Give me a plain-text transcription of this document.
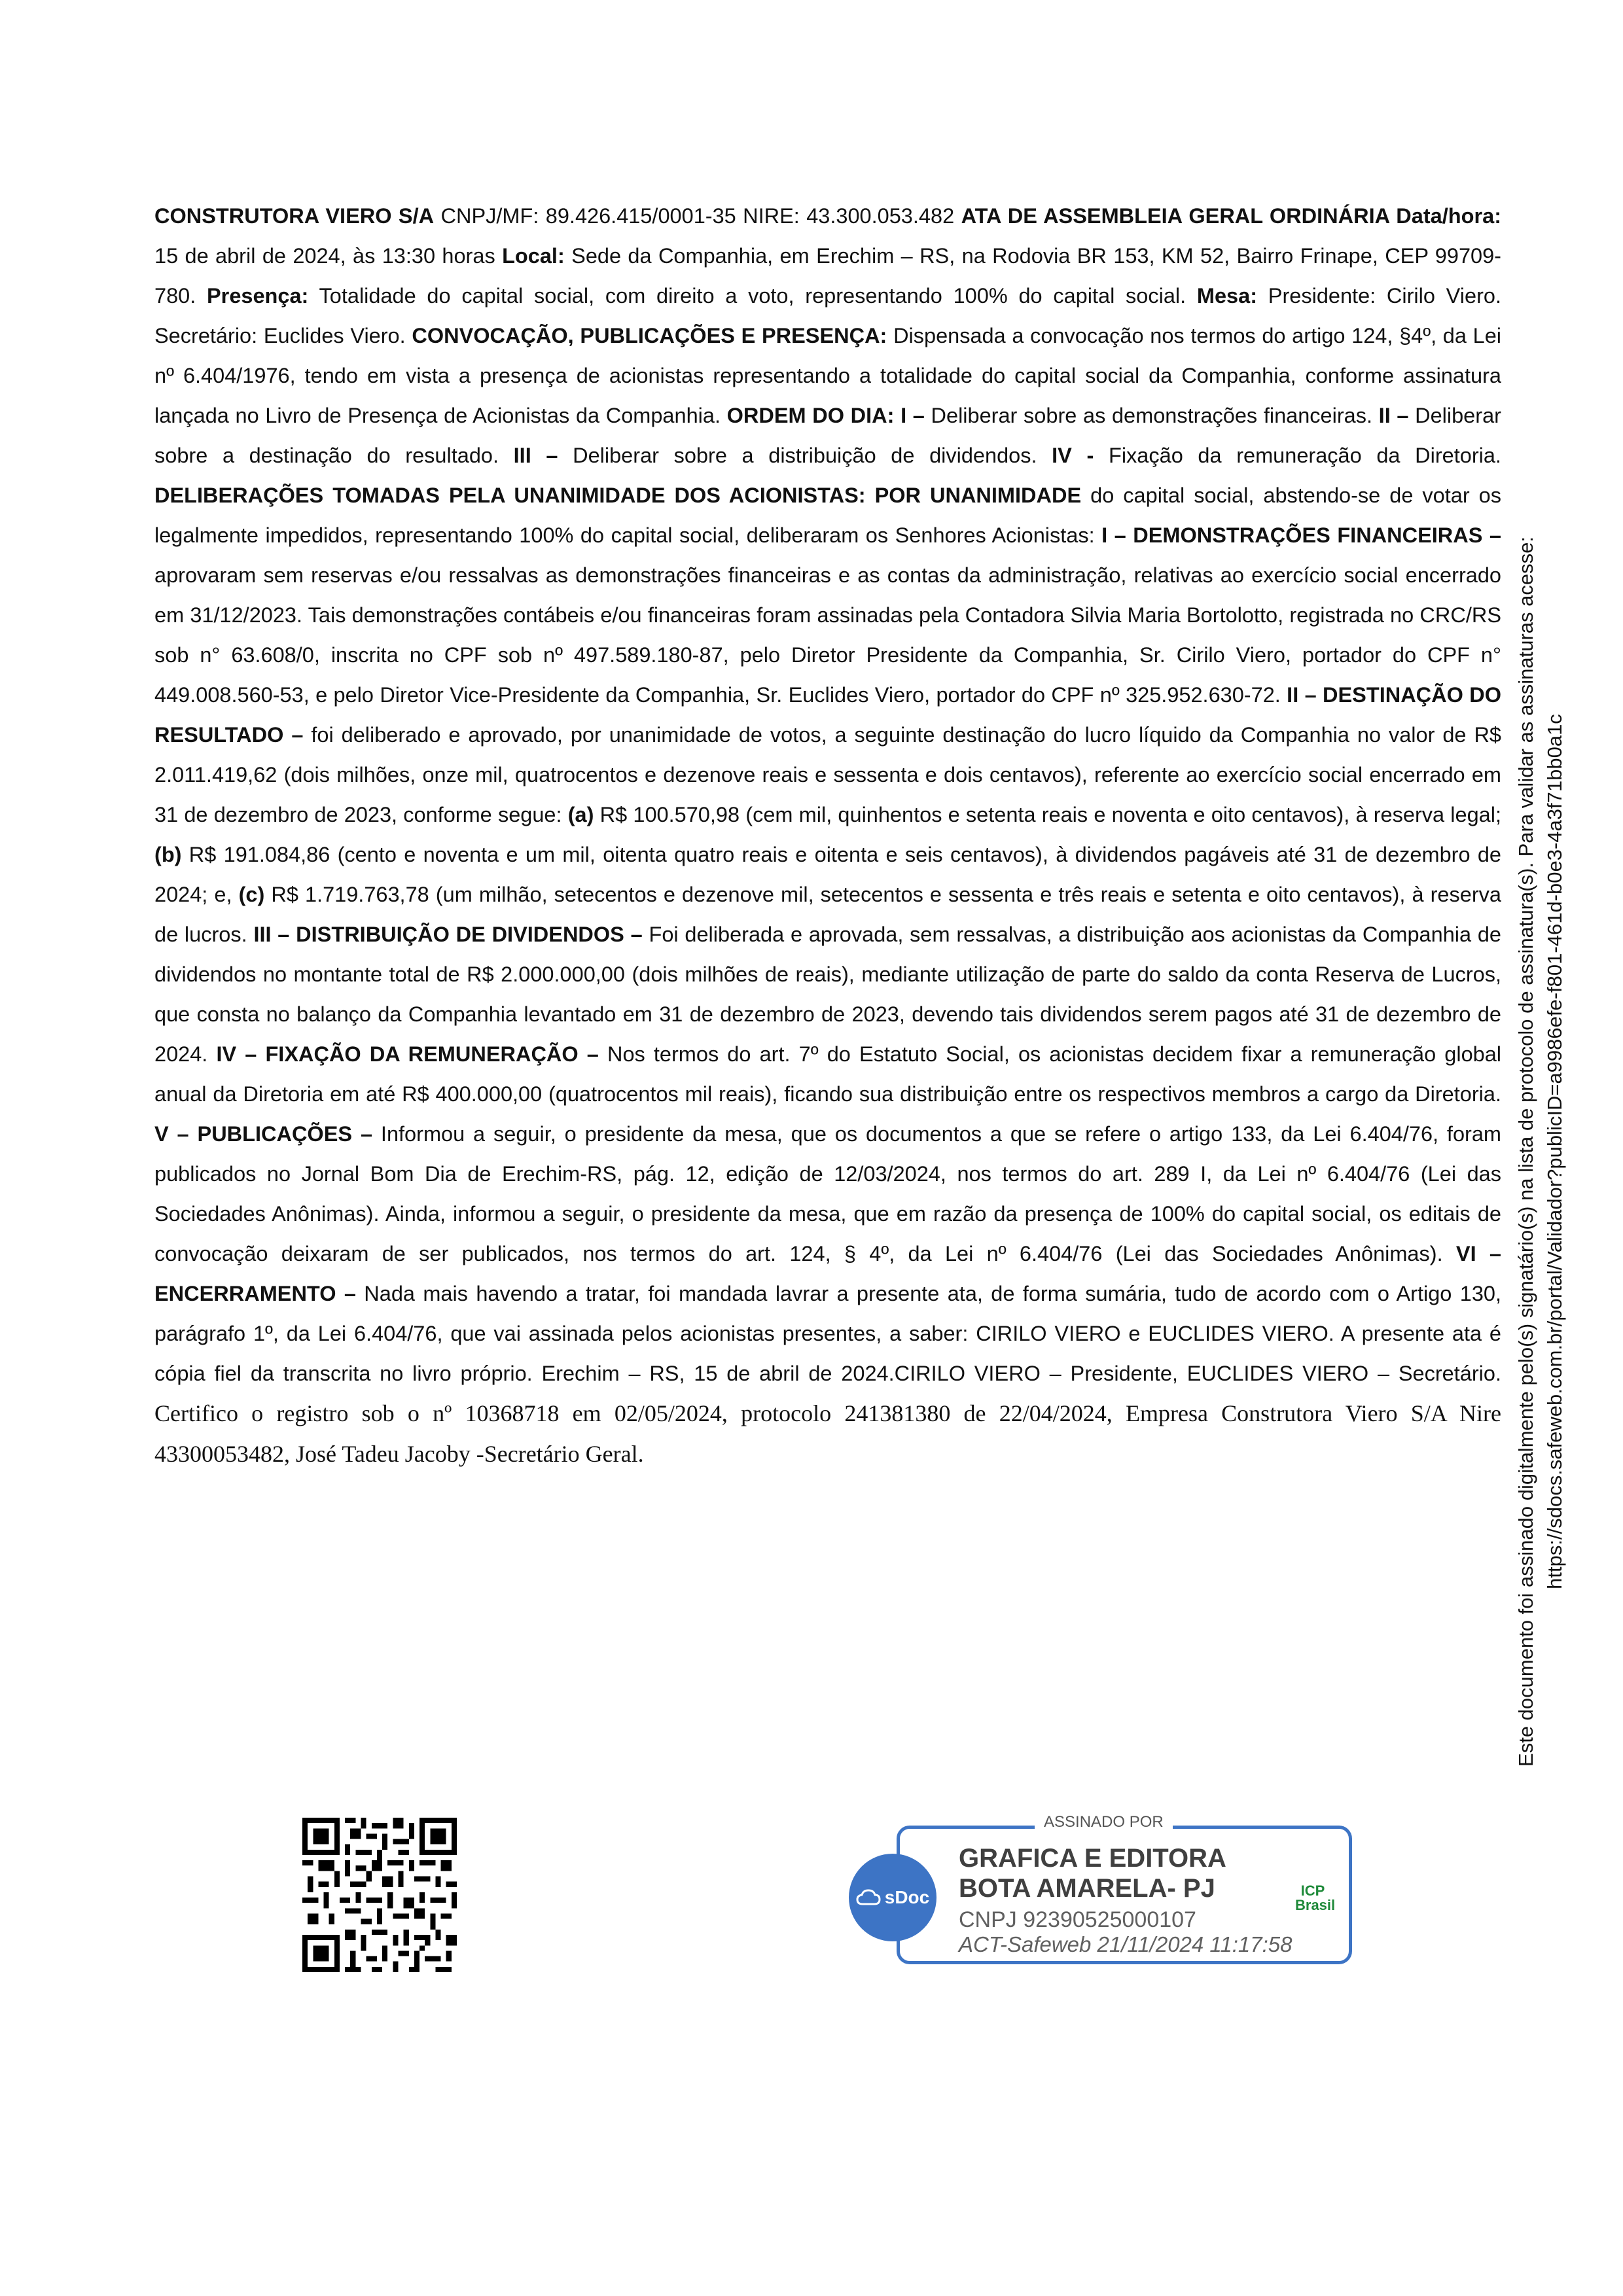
CONSTRUTORA VIERO S/A CNPJ/MF: 89.426.415/0001-35 NIRE: 43.300.053.482 ATA DE ASSEMBLEIA GERAL ORDINÁRIA Data/hora: 15 de abril de 2024, às 13:30 horas Local: Sede da Companhia, em Erechim – RS, na Rodovia BR 153, KM 52, Bairro Frinape, CEP 99709-780. Presença: Totalidade do capital social, com direito a voto, representando 100% do capital social. Mesa: Presidente: Cirilo Viero. Secretário: Euclides Viero. CONVOCAÇÃO, PUBLICAÇÕES E PRESENÇA: Dispensada a convocação nos termos do artigo 124, §4º, da Lei nº 6.404/1976, tendo em vista a presença de acionistas representando a totalidade do capital social da Companhia, conforme assinatura lançada no Livro de Presença de Acionistas da Companhia. ORDEM DO DIA: I – Deliberar sobre as demonstrações financeiras. II – Deliberar sobre a destinação do resultado. III – Deliberar sobre a distribuição de dividendos. IV - Fixação da remuneração da Diretoria. DELIBERAÇÕES TOMADAS PELA UNANIMIDADE DOS ACIONISTAS: POR UNANIMIDADE do capital social, abstendo-se de votar os legalmente impedidos, representando 100% do capital social, deliberaram os Senhores Acionistas: I – DEMONSTRAÇÕES FINANCEIRAS – aprovaram sem reservas e/ou ressalvas as demonstrações financeiras e as contas da administração, relativas ao exercício social encerrado em 31/12/2023. Tais demonstrações contábeis e/ou financeiras foram assinadas pela Contadora Silvia Maria Bortolotto, registrada no CRC/RS sob n° 63.608/0, inscrita no CPF sob nº 497.589.180-87, pelo Diretor Presidente da Companhia, Sr. Cirilo Viero, portador do CPF n° 449.008.560-53, e pelo Diretor Vice-Presidente da Companhia, Sr. Euclides Viero, portador do CPF nº 325.952.630-72. II – DESTINAÇÃO DO RESULTADO – foi deliberado e aprovado, por unanimidade de votos, a seguinte destinação do lucro líquido da Companhia no valor de R$ 2.011.419,62 (dois milhões, onze mil, quatrocentos e dezenove reais e sessenta e dois centavos), referente ao exercício social encerrado em 31 de dezembro de 2023, conforme segue: (a) R$ 100.570,98 (cem mil, quinhentos e setenta reais e noventa e oito centavos), à reserva legal; (b) R$ 191.084,86 (cento e noventa e um mil, oitenta quatro reais e oitenta e seis centavos), à dividendos pagáveis até 31 de dezembro de 2024; e, (c) R$ 1.719.763,78 (um milhão, setecentos e dezenove mil, setecentos e sessenta e três reais e setenta e oito centavos), à reserva de lucros. III – DISTRIBUIÇÃO DE DIVIDENDOS – Foi deliberada e aprovada, sem ressalvas, a distribuição aos acionistas da Companhia de dividendos no montante total de R$ 2.000.000,00 (dois milhões de reais), mediante utilização de parte do saldo da conta Reserva de Lucros, que consta no balanço da Companhia levantado em 31 de dezembro de 2023, devendo tais dividendos serem pagos até 31 de dezembro de 2024. IV – FIXAÇÃO DA REMUNERAÇÃO – Nos termos do art. 7º do Estatuto Social, os acionistas decidem fixar a remuneração global anual da Diretoria em até R$ 400.000,00 (quatrocentos mil reais), ficando sua distribuição entre os respectivos membros a cargo da Diretoria. V – PUBLICAÇÕES – Informou a seguir, o presidente da mesa, que os documentos a que se refere o artigo 133, da Lei 6.404/76, foram publicados no Jornal Bom Dia de Erechim-RS, pág. 12, edição de 12/03/2024, nos termos do art. 289 I, da Lei nº 6.404/76 (Lei das Sociedades Anônimas). Ainda, informou a seguir, o presidente da mesa, que em razão da presença de 100% do capital social, os editais de convocação deixaram de ser publicados, nos termos do art. 124, § 4º, da Lei nº 6.404/76 (Lei das Sociedades Anônimas). VI – ENCERRAMENTO – Nada mais havendo a tratar, foi mandada lavrar a presente ata, de forma sumária, tudo de acordo com o Artigo 130, parágrafo 1º, da Lei 6.404/76, que vai assinada pelos acionistas presentes, a saber: CIRILO VIERO e EUCLIDES VIERO. A presente ata é cópia fiel da transcrita no livro próprio. Erechim – RS, 15 de abril de 2024.CIRILO VIERO – Presidente, EUCLIDES VIERO – Secretário. Certifico o registro sob o nº 10368718 em 02/05/2024, protocolo 241381380 de 22/04/2024, Empresa Construtora Viero S/A Nire 43300053482, José Tadeu Jacoby -Secretário Geral.	Este documento foi assinado digitalmente pelo(s) signatário(s) na lista de protocolo de assinatura(s). Para validar as assinaturas acesse: https://sdocs.safeweb.com.br/portal/Validador?publicID=a9986efe-f801-461d-b0e3-4a3f71bb0a1c
ASSINADO POR
sDoc
GRAFICA E EDITORA BOTA AMARELA- PJ
CNPJ 92390525000107
ACT-Safeweb 21/11/2024 11:17:58
ICP Brasil
